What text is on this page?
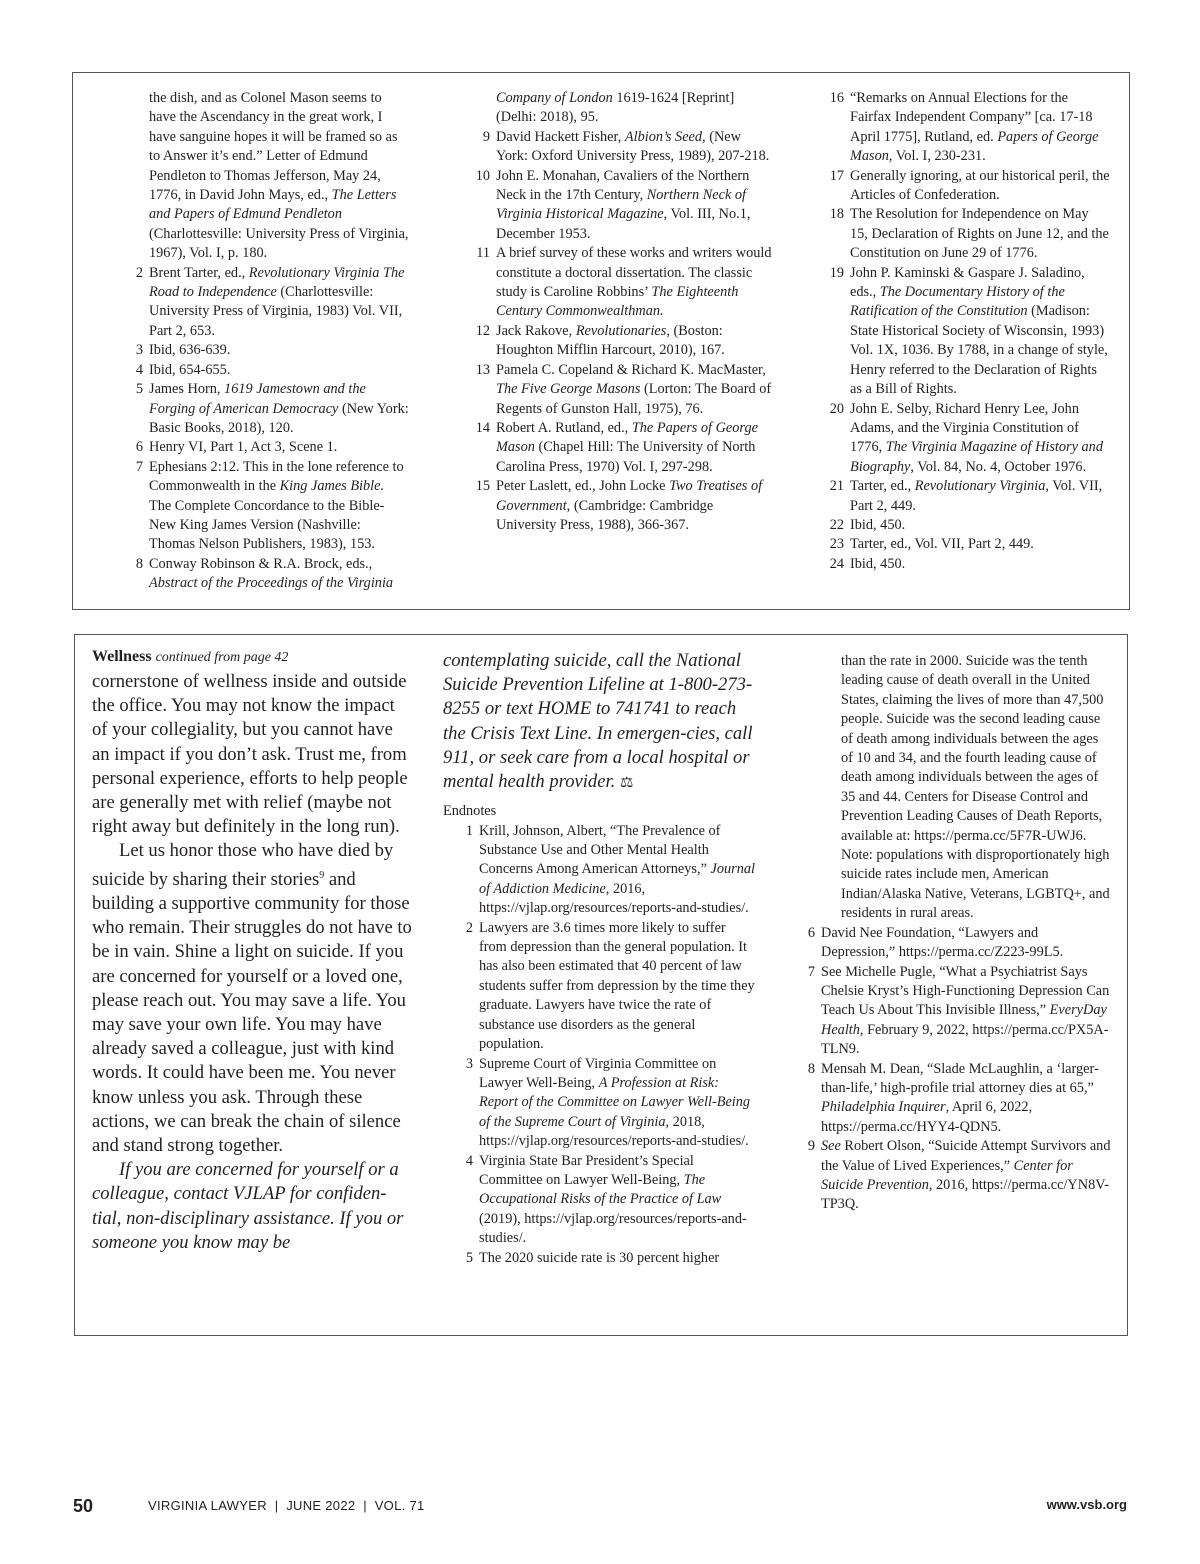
the dish, and as Colonel Mason seems to have the Ascendancy in the great work, I have sanguine hopes it will be framed so as to Answer it’s end.” Letter of Edmund Pendleton to Thomas Jefferson, May 24, 1776, in David John Mays, ed., The Letters and Papers of Edmund Pendleton (Charlottesville: University Press of Virginia, 1967), Vol. I, p. 180.

2 Brent Tarter, ed., Revolutionary Virginia The Road to Independence (Charlottesville: University Press of Virginia, 1983) Vol. VII, Part 2, 653.

3 Ibid, 636-639.

4 Ibid, 654-655.

5 James Horn, 1619 Jamestown and the Forging of American Democracy (New York: Basic Books, 2018), 120.

6 Henry VI, Part 1, Act 3, Scene 1.

7 Ephesians 2:12. This in the lone reference to Commonwealth in the King James Bible. The Complete Concordance to the Bible-New King James Version (Nashville: Thomas Nelson Publishers, 1983), 153.

8 Conway Robinson & R.A. Brock, eds., Abstract of the Proceedings of the Virginia

Company of London 1619-1624 [Reprint] (Delhi: 2018), 95.

9 David Hackett Fisher, Albion’s Seed, (New York: Oxford University Press, 1989), 207-218.

10 John E. Monahan, Cavaliers of the Northern Neck in the 17th Century, Northern Neck of Virginia Historical Magazine, Vol. III, No.1, December 1953.

11 A brief survey of these works and writers would constitute a doctoral dissertation. The classic study is Caroline Robbins’ The Eighteenth Century Commonwealthman.

12 Jack Rakove, Revolutionaries, (Boston: Houghton Mifflin Harcourt, 2010), 167.

13 Pamela C. Copeland & Richard K. MacMaster, The Five George Masons (Lorton: The Board of Regents of Gunston Hall, 1975), 76.

14 Robert A. Rutland, ed., The Papers of George Mason (Chapel Hill: The University of North Carolina Press, 1970) Vol. I, 297-298.

15 Peter Laslett, ed., John Locke Two Treatises of Government, (Cambridge: Cambridge University Press, 1988), 366-367.

16 “Remarks on Annual Elections for the Fairfax Independent Company” [ca. 17-18 April 1775], Rutland, ed. Papers of George Mason, Vol. I, 230-231.

17 Generally ignoring, at our historical peril, the Articles of Confederation.

18 The Resolution for Independence on May 15, Declaration of Rights on June 12, and the Constitution on June 29 of 1776.

19 John P. Kaminski & Gaspare J. Saladino, eds., The Documentary History of the Ratification of the Constitution (Madison: State Historical Society of Wisconsin, 1993) Vol. 1X, 1036. By 1788, in a change of style, Henry referred to the Declaration of Rights as a Bill of Rights.

20 John E. Selby, Richard Henry Lee, John Adams, and the Virginia Constitution of 1776, The Virginia Magazine of History and Biography, Vol. 84, No. 4, October 1976.

21 Tarter, ed., Revolutionary Virginia, Vol. VII, Part 2, 449.

22 Ibid, 450.

23 Tarter, ed., Vol. VII, Part 2, 449.

24 Ibid, 450.

Wellness continued from page 42

cornerstone of wellness inside and outside the office. You may not know the impact of your collegiality, but you cannot have an impact if you don’t ask. Trust me, from personal experience, efforts to help people are generally met with relief (maybe not right away but definitely in the long run).

Let us honor those who have died by suicide by sharing their stories$^9$ and building a supportive community for those who remain. Their struggles do not have to be in vain. Shine a light on suicide. If you are concerned for yourself or a loved one, please reach out. You may save a life. You may save your own life. You may have already saved a colleague, just with kind words. It could have been me. You never know unless you ask. Through these actions, we can break the chain of silence and stand strong together.

If you are concerned for yourself or a colleague, contact VJLAP for confiden-tial, non-disciplinary assistance. If you or someone you know may be

contemplating suicide, call the National Suicide Prevention Lifeline at 1-800-273-8255 or text HOME to 741741 to reach the Crisis Text Line. In emergen-cies, call 911, or seek care from a local hospital or mental health provider. ⚖

Endnotes

1 Krill, Johnson, Albert, “The Prevalence of Substance Use and Other Mental Health Concerns Among American Attorneys,” Journal of Addiction Medicine, 2016, https://vjlap.org/resources/reports-and-studies/.

2 Lawyers are 3.6 times more likely to suffer from depression than the general population. It has also been estimated that 40 percent of law students suffer from depression by the time they graduate. Lawyers have twice the rate of substance use disorders as the general population.

3 Supreme Court of Virginia Committee on Lawyer Well-Being, A Profession at Risk: Report of the Committee on Lawyer Well-Being of the Supreme Court of Virginia, 2018, https://vjlap.org/resources/reports-and-studies/.

4 Virginia State Bar President’s Special Committee on Lawyer Well-Being, The Occupational Risks of the Practice of Law (2019), https://vjlap.org/resources/reports-and-studies/.

5 The 2020 suicide rate is 30 percent higher

than the rate in 2000. Suicide was the tenth leading cause of death overall in the United States, claiming the lives of more than 47,500 people. Suicide was the second leading cause of death among individuals between the ages of 10 and 34, and the fourth leading cause of death among individuals between the ages of 35 and 44. Centers for Disease Control and Prevention Leading Causes of Death Reports, available at: https://perma.cc/5F7R-UWJ6. Note: populations with disproportionately high suicide rates include men, American Indian/Alaska Native, Veterans, LGBTQ+, and residents in rural areas.

6 David Nee Foundation, “Lawyers and Depression,” https://perma.cc/Z223-99L5.

7 See Michelle Pugle, “What a Psychiatrist Says Chelsie Kryst’s High-Functioning Depression Can Teach Us About This Invisible Illness,” EveryDay Health, February 9, 2022, https://perma.cc/PX5A-TLN9.

8 Mensah M. Dean, “Slade McLaughlin, a ‘larger-than-life,’ high-profile trial attorney dies at 65,” Philadelphia Inquirer, April 6, 2022, https://perma.cc/HYY4-QDN5.

9 See Robert Olson, “Suicide Attempt Survivors and the Value of Lived Experiences,” Center for Suicide Prevention, 2016, https://perma.cc/YN8V-TP3Q.

50	VIRGINIA LAWYER  |  JUNE 2022  |  VOL. 71	www.vsb.org
